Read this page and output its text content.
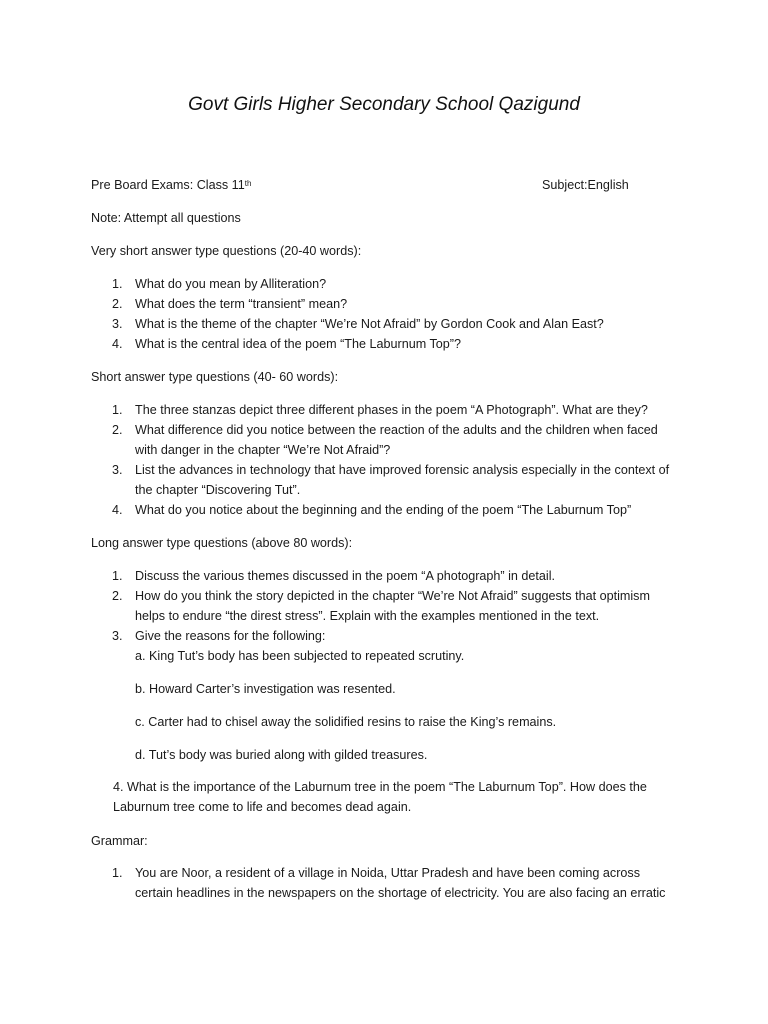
Govt Girls Higher Secondary School Qazigund
Pre Board Exams: Class 11th	Subject:English
Note: Attempt all questions
Very short answer type questions (20-40 words):
1. What do you mean by Alliteration?
2. What does the term “transient” mean?
3. What is the theme of the chapter “We’re Not Afraid” by Gordon Cook and Alan East?
4. What is the central idea of the poem “The Laburnum Top”?
Short answer type questions (40- 60 words):
1. The three stanzas depict three different phases in the poem “A Photograph”. What are they?
2. What difference did you notice between the reaction of the adults and the children when faced
with danger in the chapter “We’re Not Afraid”?
3. List the advances in technology that have improved forensic analysis especially in the context of
the chapter “Discovering Tut”.
4. What do you notice about the beginning and the ending of the poem “The Laburnum Top”
Long answer type questions (above 80 words):
1. Discuss the various themes discussed in the poem “A photograph” in detail.
2. How do you think the story depicted in the chapter “We’re Not Afraid” suggests that optimism
helps to endure “the direst stress”. Explain with the examples mentioned in the text.
3. Give the reasons for the following:
a. King Tut’s body has been subjected to repeated scrutiny.
b. Howard Carter’s investigation was resented.
c. Carter had to chisel away the solidified resins to raise the King’s remains.
d. Tut’s body was buried along with gilded treasures.
4. What is the importance of the Laburnum tree in the poem “The Laburnum Top”. How does the
Laburnum tree come to life and becomes dead again.
Grammar:
1. You are Noor, a resident of a village in Noida, Uttar Pradesh and have been coming across
certain headlines in the newspapers on the shortage of electricity. You are also facing an erratic
